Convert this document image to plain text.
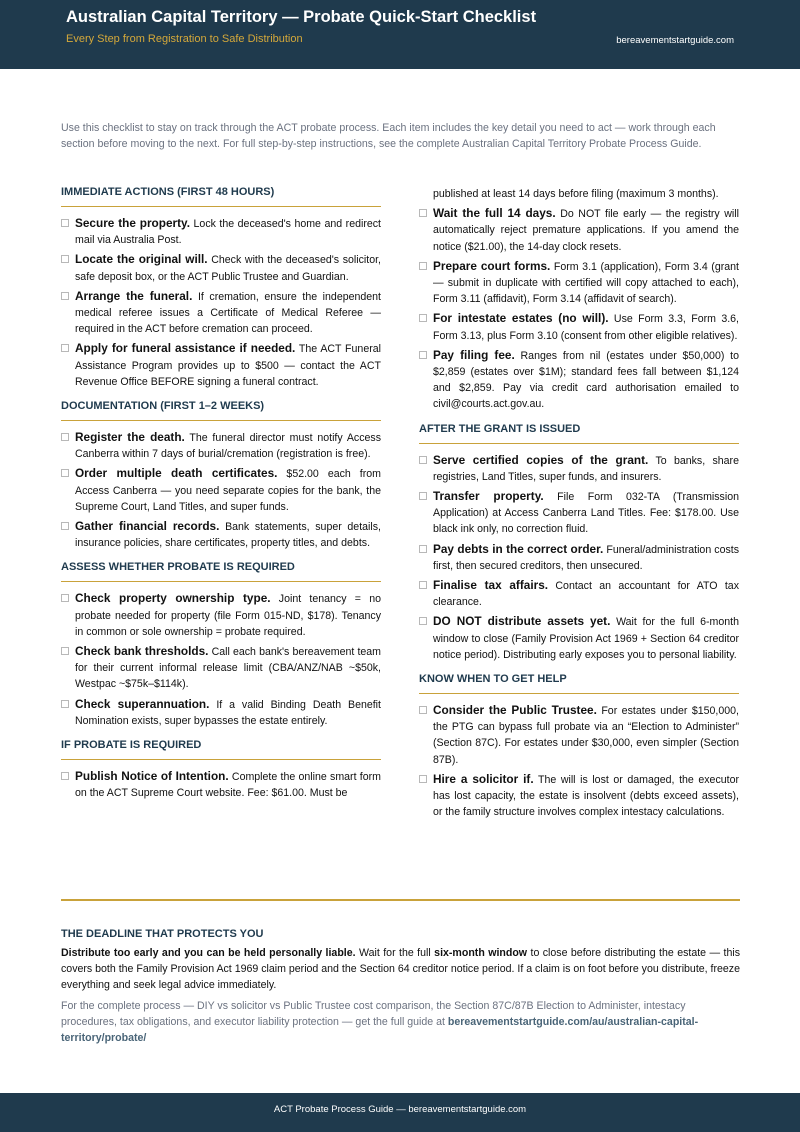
Australian Capital Territory — Probate Quick-Start Checklist
Every Step from Registration to Safe Distribution	bereavementstartguide.com
Use this checklist to stay on track through the ACT probate process. Each item includes the key detail you need to act — work through each section before moving to the next. For full step-by-step instructions, see the complete Australian Capital Territory Probate Process Guide.
IMMEDIATE ACTIONS (FIRST 48 HOURS)
Secure the property. Lock the deceased's home and redirect mail via Australia Post.
Locate the original will. Check with the deceased's solicitor, safe deposit box, or the ACT Public Trustee and Guardian.
Arrange the funeral. If cremation, ensure the independent medical referee issues a Certificate of Medical Referee — required in the ACT before cremation can proceed.
Apply for funeral assistance if needed. The ACT Funeral Assistance Program provides up to $500 — contact the ACT Revenue Office BEFORE signing a funeral contract.
DOCUMENTATION (FIRST 1–2 WEEKS)
Register the death. The funeral director must notify Access Canberra within 7 days of burial/cremation (registration is free).
Order multiple death certificates. $52.00 each from Access Canberra — you need separate copies for the bank, the Supreme Court, Land Titles, and super funds.
Gather financial records. Bank statements, super details, insurance policies, share certificates, property titles, and debts.
ASSESS WHETHER PROBATE IS REQUIRED
Check property ownership type. Joint tenancy = no probate needed for property (file Form 015-ND, $178). Tenancy in common or sole ownership = probate required.
Check bank thresholds. Call each bank's bereavement team for their current informal release limit (CBA/ANZ/NAB ~$50k, Westpac ~$75k–$114k).
Check superannuation. If a valid Binding Death Benefit Nomination exists, super bypasses the estate entirely.
IF PROBATE IS REQUIRED
Publish Notice of Intention. Complete the online smart form on the ACT Supreme Court website. Fee: $61.00. Must be
published at least 14 days before filing (maximum 3 months).
Wait the full 14 days. Do NOT file early — the registry will automatically reject premature applications. If you amend the notice ($21.00), the 14-day clock resets.
Prepare court forms. Form 3.1 (application), Form 3.4 (grant — submit in duplicate with certified will copy attached to each), Form 3.11 (affidavit), Form 3.14 (affidavit of search).
For intestate estates (no will). Use Form 3.3, Form 3.6, Form 3.13, plus Form 3.10 (consent from other eligible relatives).
Pay filing fee. Ranges from nil (estates under $50,000) to $2,859 (estates over $1M); standard fees fall between $1,124 and $2,859. Pay via credit card authorisation emailed to civil@courts.act.gov.au.
AFTER THE GRANT IS ISSUED
Serve certified copies of the grant. To banks, share registries, Land Titles, super funds, and insurers.
Transfer property. File Form 032-TA (Transmission Application) at Access Canberra Land Titles. Fee: $178.00. Use black ink only, no correction fluid.
Pay debts in the correct order. Funeral/administration costs first, then secured creditors, then unsecured.
Finalise tax affairs. Contact an accountant for ATO tax clearance.
DO NOT distribute assets yet. Wait for the full 6-month window to close (Family Provision Act 1969 + Section 64 creditor notice period). Distributing early exposes you to personal liability.
KNOW WHEN TO GET HELP
Consider the Public Trustee. For estates under $150,000, the PTG can bypass full probate via an “Election to Administer” (Section 87C). For estates under $30,000, even simpler (Section 87B).
Hire a solicitor if. The will is lost or damaged, the executor has lost capacity, the estate is insolvent (debts exceed assets), or the family structure involves complex intestacy calculations.
THE DEADLINE THAT PROTECTS YOU
Distribute too early and you can be held personally liable. Wait for the full six-month window to close before distributing the estate — this covers both the Family Provision Act 1969 claim period and the Section 64 creditor notice period. If a claim is on foot before you distribute, freeze everything and seek legal advice immediately.
For the complete process — DIY vs solicitor vs Public Trustee cost comparison, the Section 87C/87B Election to Administer, intestacy procedures, tax obligations, and executor liability protection — get the full guide at bereavementstartguide.com/au/australian-capital-territory/probate/
ACT Probate Process Guide — bereavementstartguide.com
